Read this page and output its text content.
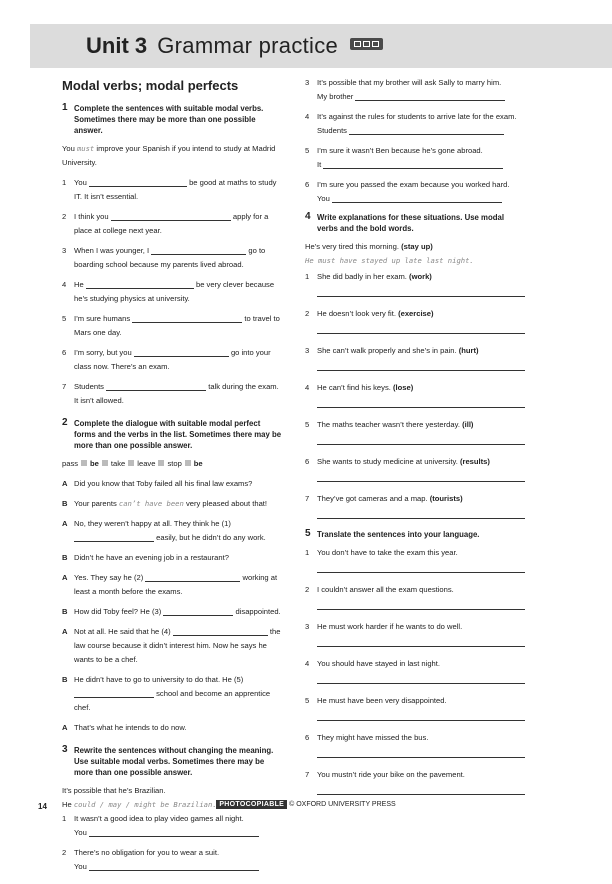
Unit 3 Grammar practice
Modal verbs; modal perfects
1 Complete the sentences with suitable modal verbs. Sometimes there may be more than one possible answer.
You must improve your Spanish if you intend to study at Madrid University.
1	You	be good at maths to study IT. It isn’t essential.
2	I think you	apply for a place at college next year.
3	When I was younger, I	go to boarding school because my parents lived abroad.
4	He	be very clever because he’s studying physics at university.
5	I’m sure humans	to travel to Mars one day.
6	I’m sorry, but you	go into your class now. There’s an exam.
7	Students	talk during the exam. It isn’t allowed.
2 Complete the dialogue with suitable modal perfect forms and the verbs in the list. Sometimes there may be more than one possible answer.
pass be take leave stop be
A Did you know that Toby failed all his final law exams?
B Your parents can’t have been very pleased about that!
A No, they weren’t happy at all. They think he (1)  easily, but he didn’t do any work.
B Didn’t he have an evening job in a restaurant?
A Yes. They say he (2)	working at least a month before the exams.
B How did Toby feel? He (3)	disappointed.
A Not at all. He said that he (4)	the law course because it didn’t interest him. Now he says he wants to be a chef.
B He didn’t have to go to university to do that. He (5)  school and become an apprentice chef.
A That’s what he intends to do now.
3 Rewrite the sentences without changing the meaning. Use suitable modal verbs. Sometimes there may be more than one possible answer.
It’s possible that he’s Brazilian.
He could / may / might be Brazilian.
1	It wasn’t a good idea to play video games all night.
You
2	There’s no obligation for you to wear a suit.
You
3	It’s possible that my brother will ask Sally to marry him.
My brother
4	It’s against the rules for students to arrive late for the exam.
Students
5	I’m sure it wasn’t Ben because he’s gone abroad.
It
6	I’m sure you passed the exam because you worked hard.
You
4 Write explanations for these situations. Use modal verbs and the bold words.
He’s very tired this morning. (stay up)
He must have stayed up late last night.
1	She did badly in her exam. (work)
2	He doesn’t look very fit. (exercise)
3	She can’t walk properly and she’s in pain. (hurt)
4	He can’t find his keys. (lose)
5	The maths teacher wasn’t there yesterday. (ill)
6	She wants to study medicine at university. (results)
7	They’ve got cameras and a map. (tourists)
5 Translate the sentences into your language.
1	You don’t have to take the exam this year.
2	I couldn’t answer all the exam questions.
3	He must work harder if he wants to do well.
4	You should have stayed in last night.
5	He must have been very disappointed.
6	They might have missed the bus.
7	You mustn’t ride your bike on the pavement.
14	PHOTOCOPIABLE © OXFORD UNIVERSITY PRESS
